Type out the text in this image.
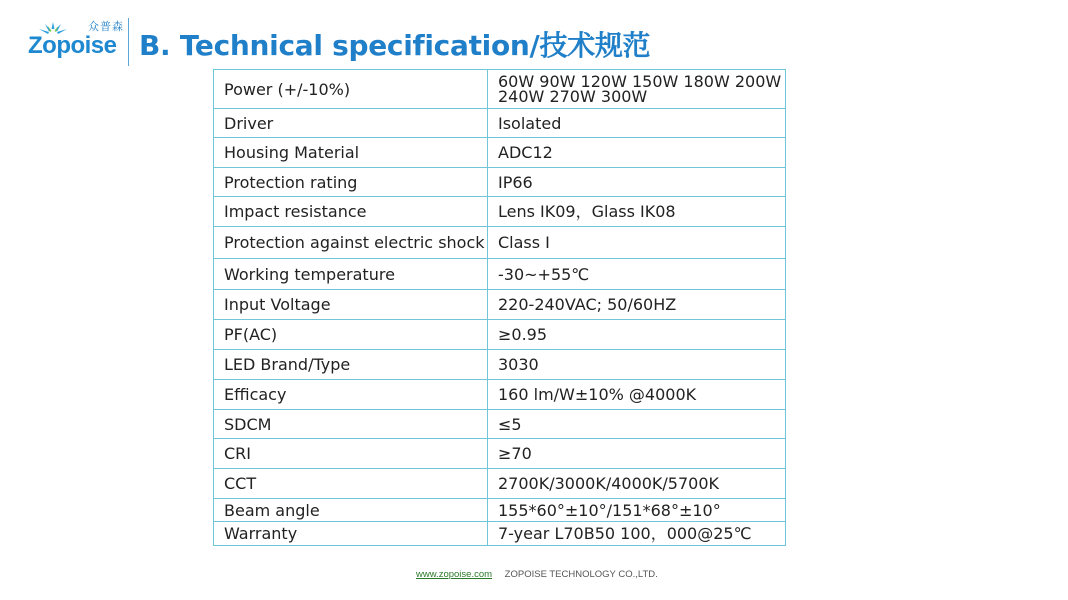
众普森
Zopoise B. Technical specification/技术规范
Power (+/-10%)	60W 90W 120W 150W 180W 200W 240W 270W 300W
Driver	Isolated
Housing Material	ADC12
Protection rating	IP66
Impact resistance	Lens IK09，Glass IK08
Protection against electric shock	Class I
Working temperature	-30~+55℃
Input Voltage	220-240VAC; 50/60HZ
PF(AC)	≥0.95
LED Brand/Type	3030
Efficacy	160 lm/W±10% @4000K
SDCM	≤5
CRI	≥70
CCT	2700K/3000K/4000K/5700K
Beam angle	155*60°±10°/151*68°±10°
Warranty	7-year L70B50 100，000@25℃
www.zopoise.com ZOPOISE TECHNOLOGY CO.,LTD.
